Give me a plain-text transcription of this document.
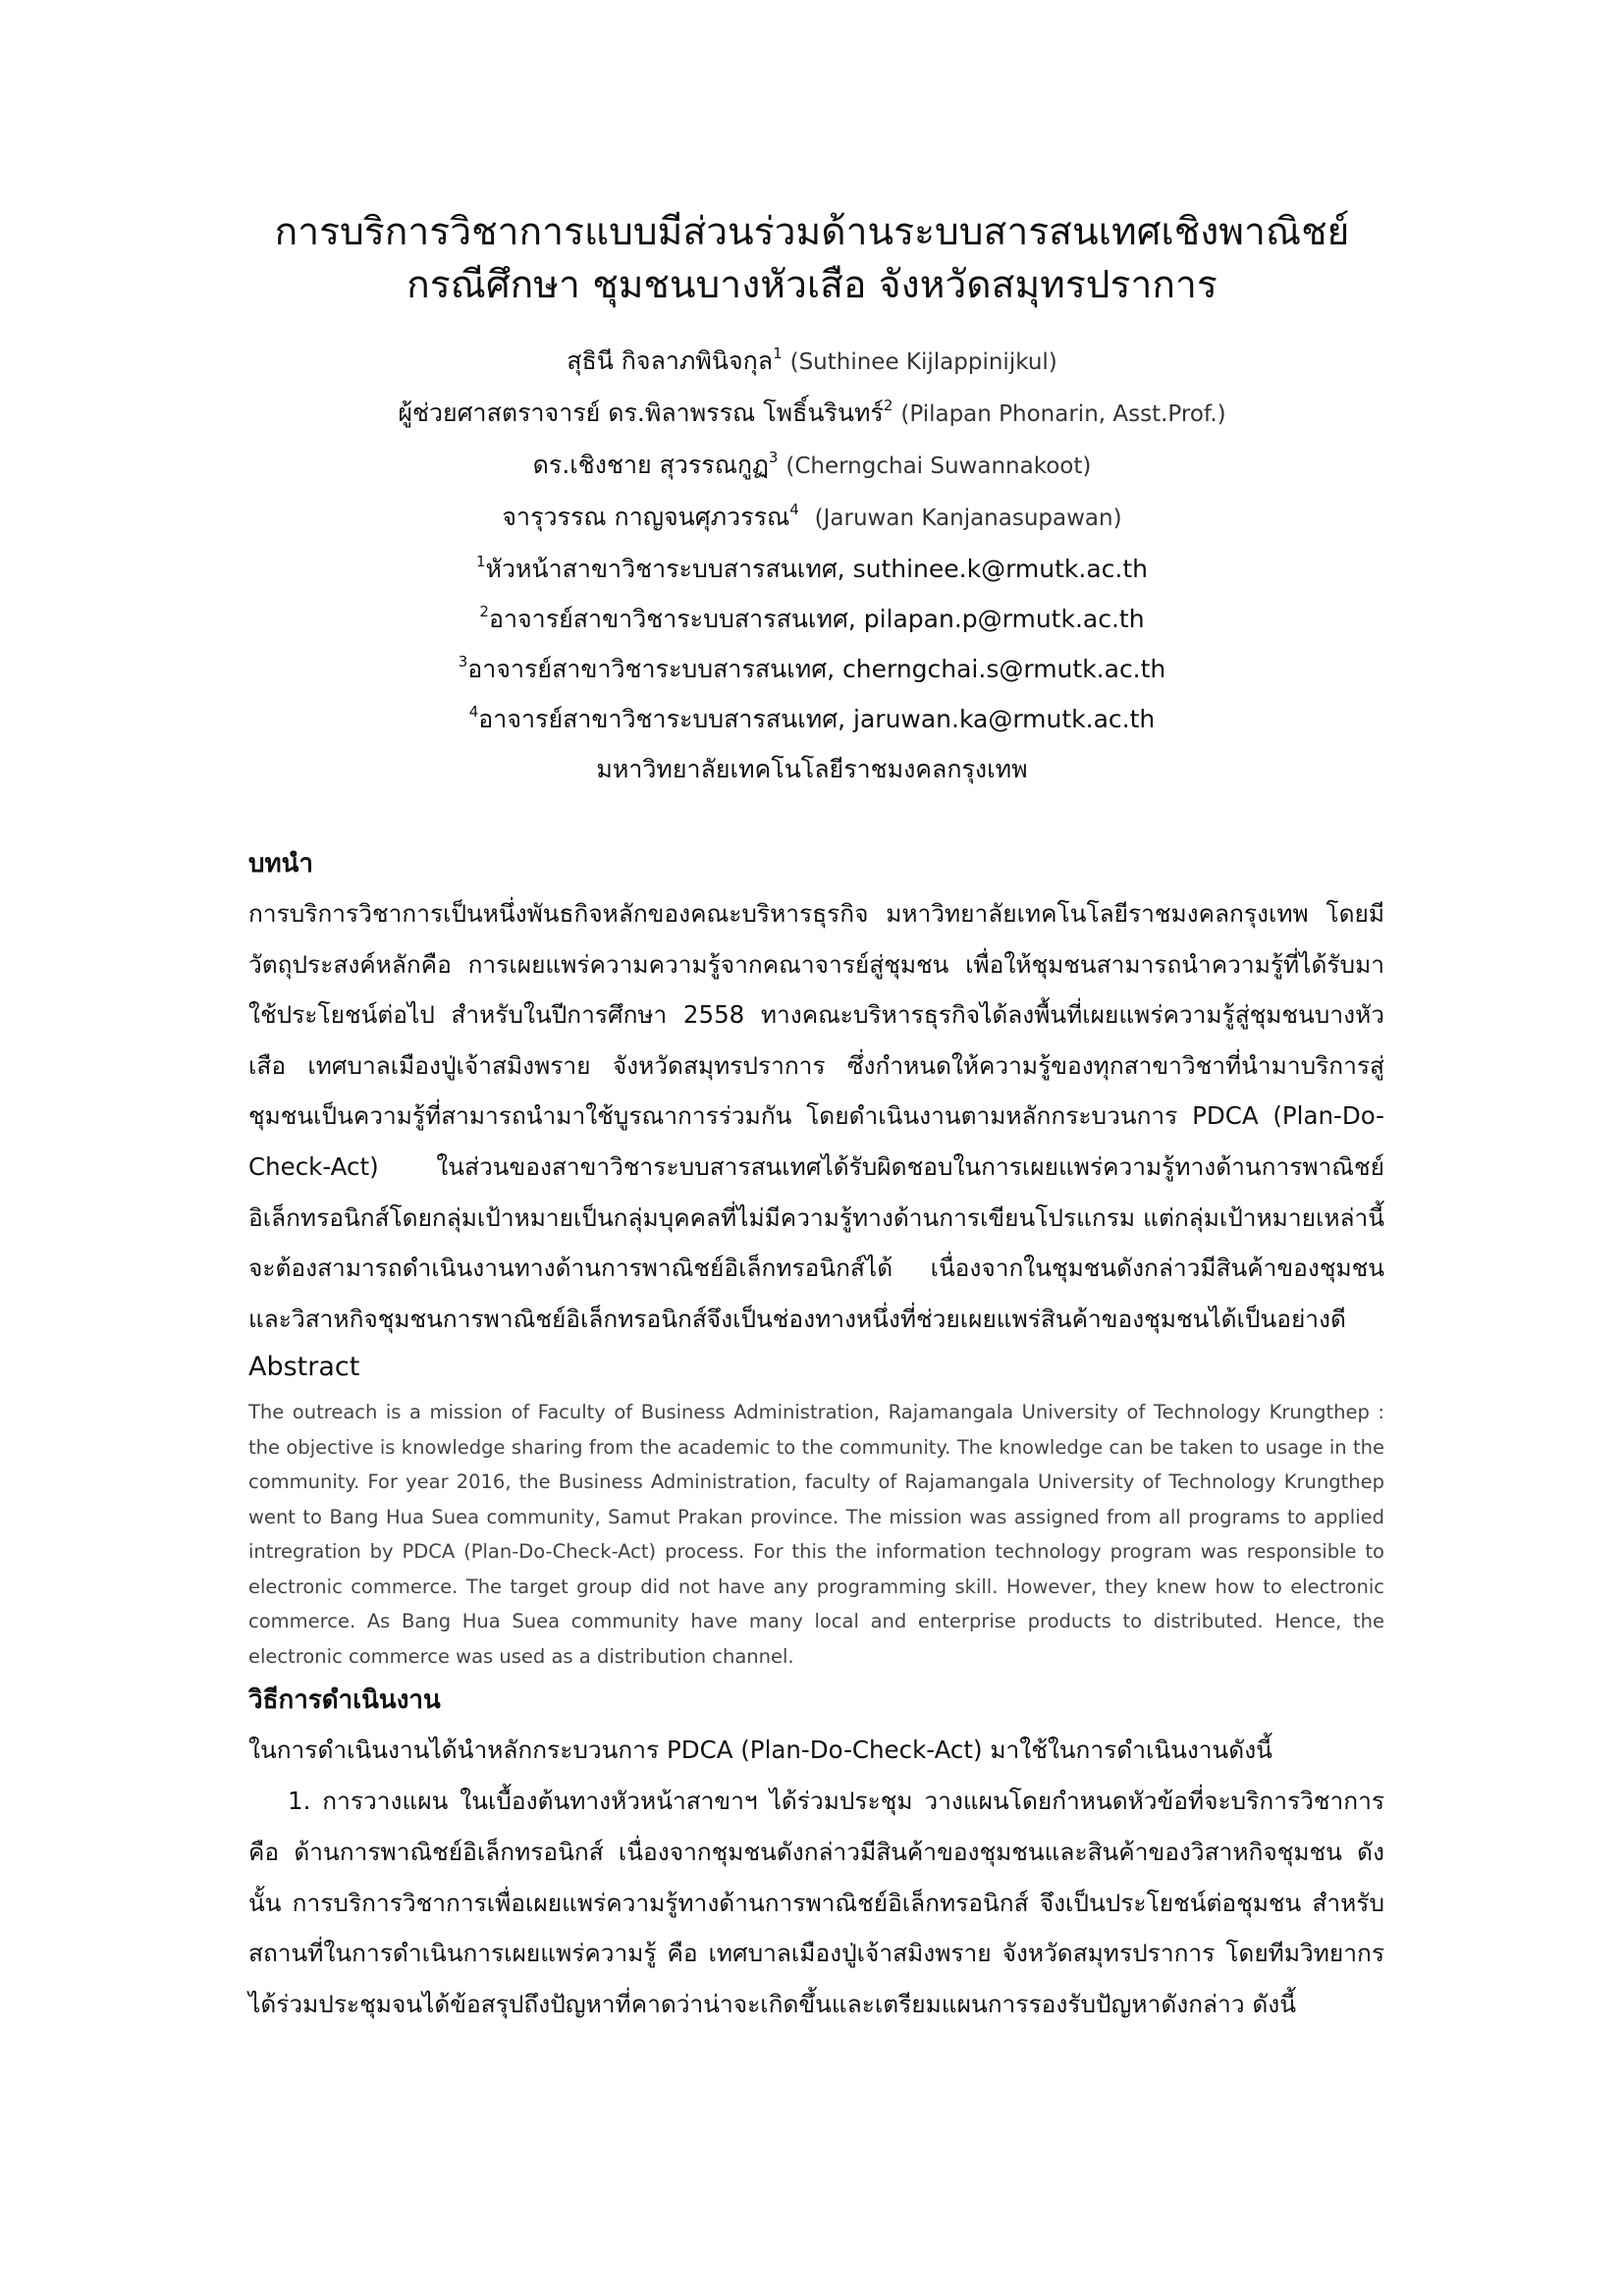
การบริการวิชาการแบบมีส่วนร่วมด้านระบบสารสนเทศเชิงพาณิชย์
กรณีศึกษา ชุมชนบางหัวเสือ จังหวัดสมุทรปราการ
สุธินี กิจลาภพินิจกุล$^1$ (Suthinee Kijlappinijkul)
ผู้ช่วยศาสตราจารย์ ดร.พิลาพรรณ โพธิ์นรินทร์$^2$ (Pilapan Phonarin, Asst.Prof.)
ดร.เชิงชาย สุวรรณกูฏ$^3$ (Cherngchai Suwannakoot)
จารุวรรณ กาญจนศุภวรรณ$^4$ (Jaruwan Kanjanasupawan)
$^1$หัวหน้าสาขาวิชาระบบสารสนเทศ, suthinee.k@rmutk.ac.th
$^2$อาจารย์สาขาวิชาระบบสารสนเทศ, pilapan.p@rmutk.ac.th
$^3$อาจารย์สาขาวิชาระบบสารสนเทศ, cherngchai.s@rmutk.ac.th
$^4$อาจารย์สาขาวิชาระบบสารสนเทศ, jaruwan.ka@rmutk.ac.th
มหาวิทยาลัยเทคโนโลยีราชมงคลกรุงเทพ
บทนำ

การบริการวิชาการเป็นหนึ่งพันธกิจหลักของคณะบริหารธุรกิจ มหาวิทยาลัยเทคโนโลยีราชมงคลกรุงเทพ โดยมีวัตถุประสงค์หลักคือ การเผยแพร่ความความรู้จากคณาจารย์สู่ชุมชน เพื่อให้ชุมชนสามารถนำความรู้ที่ได้รับมาใช้ประโยชน์ต่อไป สำหรับในปีการศึกษา 2558 ทางคณะบริหารธุรกิจได้ลงพื้นที่เผยแพร่ความรู้สู่ชุมชนบางหัวเสือ เทศบาลเมืองปู่เจ้าสมิงพราย จังหวัดสมุทรปราการ ซึ่งกำหนดให้ความรู้ของทุกสาขาวิชาที่นำมาบริการสู่ชุมชนเป็นความรู้ที่สามารถนำมาใช้บูรณาการร่วมกัน โดยดำเนินงานตามหลักกระบวนการ PDCA (Plan-Do-Check-Act) ในส่วนของสาขาวิชาระบบสารสนเทศได้รับผิดชอบในการเผยแพร่ความรู้ทางด้านการพาณิชย์อิเล็กทรอนิกส์โดยกลุ่มเป้าหมายเป็นกลุ่มบุคคลที่ไม่มีความรู้ทางด้านการเขียนโปรแกรม แต่กลุ่มเป้าหมายเหล่านี้จะต้องสามารถดำเนินงานทางด้านการพาณิชย์อิเล็กทรอนิกส์ได้ เนื่องจากในชุมชนดังกล่าวมีสินค้าของชุมชนและวิสาหกิจชุมชนการพาณิชย์อิเล็กทรอนิกส์จึงเป็นช่องทางหนึ่งที่ช่วยเผยแพร่สินค้าของชุมชนได้เป็นอย่างดี

Abstract

The outreach is a mission of Faculty of Business Administration, Rajamangala University of Technology Krungthep : the objective is knowledge sharing from the academic to the community. The knowledge can be taken to usage in the community. For year 2016, the Business Administration, faculty of Rajamangala University of Technology Krungthep went to Bang Hua Suea community, Samut Prakan province. The mission was assigned from all programs to applied intregration by PDCA (Plan-Do-Check-Act) process. For this the information technology program was responsible to electronic commerce. The target group did not have any programming skill. However, they knew how to electronic commerce. As Bang Hua Suea community have many local and enterprise products to distributed. Hence, the electronic commerce was used as a distribution channel.

วิธีการดำเนินงาน

ในการดำเนินงานได้นำหลักกระบวนการ PDCA (Plan-Do-Check-Act) มาใช้ในการดำเนินงานดังนี้

1. การวางแผน ในเบื้องต้นทางหัวหน้าสาขาฯ ได้ร่วมประชุม วางแผนโดยกำหนดหัวข้อที่จะบริการวิชาการ คือ ด้านการพาณิชย์อิเล็กทรอนิกส์ เนื่องจากชุมชนดังกล่าวมีสินค้าของชุมชนและสินค้าของวิสาหกิจชุมชน ดังนั้น การบริการวิชาการเพื่อเผยแพร่ความรู้ทางด้านการพาณิชย์อิเล็กทรอนิกส์ จึงเป็นประโยชน์ต่อชุมชน สำหรับสถานที่ในการดำเนินการเผยแพร่ความรู้ คือ เทศบาลเมืองปู่เจ้าสมิงพราย จังหวัดสมุทรปราการ โดยทีมวิทยากรได้ร่วมประชุมจนได้ข้อสรุปถึงปัญหาที่คาดว่าน่าจะเกิดขึ้นและเตรียมแผนการรองรับปัญหาดังกล่าว ดังนี้
